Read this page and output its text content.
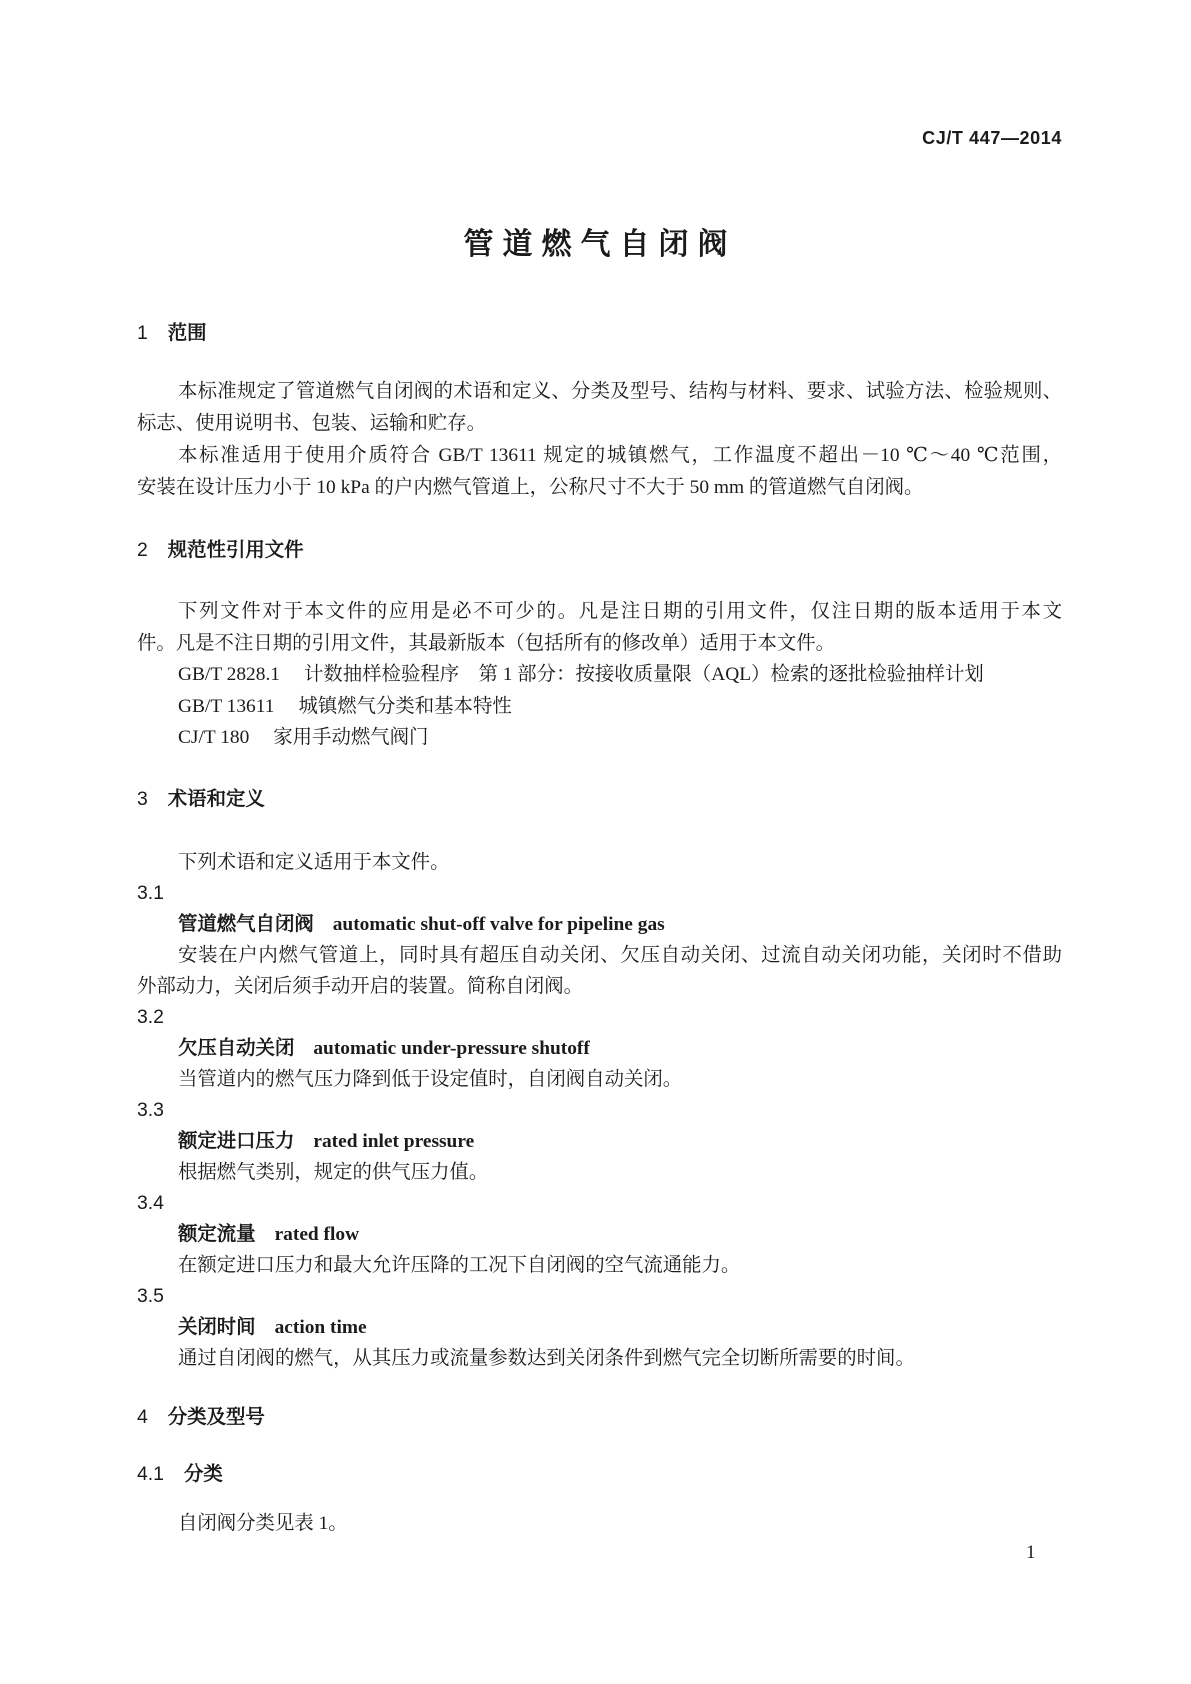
CJ/T 447—2014
管道燃气自闭阀
1 范围
本标准规定了管道燃气自闭阀的术语和定义、分类及型号、结构与材料、要求、试验方法、检验规则、
标志、使用说明书、包装、运输和贮存。
本标准适用于使用介质符合 GB/T 13611 规定的城镇燃气，工作温度不超出－10 ℃～40 ℃范围，
安装在设计压力小于 10 kPa 的户内燃气管道上，公称尺寸不大于 50 mm 的管道燃气自闭阀。
2 规范性引用文件
下列文件对于本文件的应用是必不可少的。凡是注日期的引用文件，仅注日期的版本适用于本文
件。凡是不注日期的引用文件，其最新版本（包括所有的修改单）适用于本文件。
GB/T 2828.1 计数抽样检验程序　第 1 部分：按接收质量限（AQL）检索的逐批检验抽样计划
GB/T 13611 城镇燃气分类和基本特性
CJ/T 180 家用手动燃气阀门
3 术语和定义
下列术语和定义适用于本文件。
3.1
管道燃气自闭阀 automatic shut-off valve for pipeline gas
安装在户内燃气管道上，同时具有超压自动关闭、欠压自动关闭、过流自动关闭功能，关闭时不借助
外部动力，关闭后须手动开启的装置。简称自闭阀。
3.2
欠压自动关闭 automatic under-pressure shutoff
当管道内的燃气压力降到低于设定值时，自闭阀自动关闭。
3.3
额定进口压力 rated inlet pressure
根据燃气类别，规定的供气压力值。
3.4
额定流量 rated flow
在额定进口压力和最大允许压降的工况下自闭阀的空气流通能力。
3.5
关闭时间 action time
通过自闭阀的燃气，从其压力或流量参数达到关闭条件到燃气完全切断所需要的时间。
4 分类及型号
4.1 分类
自闭阀分类见表 1。
1
